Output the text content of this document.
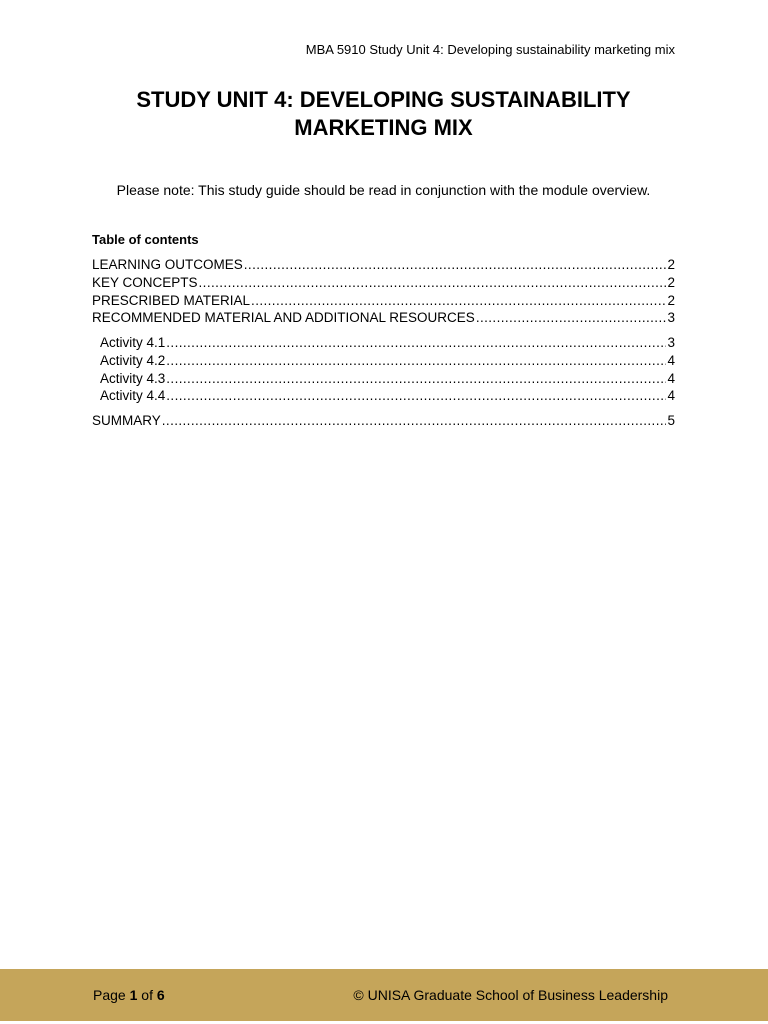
MBA 5910 Study Unit 4: Developing sustainability marketing mix
STUDY UNIT 4: DEVELOPING SUSTAINABILITY MARKETING MIX
Please note: This study guide should be read in conjunction with the module overview.
Table of contents
LEARNING OUTCOMES .....	2
KEY CONCEPTS .....	2
PRESCRIBED MATERIAL .....	2
RECOMMENDED MATERIAL AND ADDITIONAL RESOURCES .....	3
Activity 4.1 .....	3
Activity 4.2 .....	4
Activity 4.3 .....	4
Activity 4.4 .....	4
SUMMARY .....	5
Page 1 of 6	© UNISA Graduate School of Business Leadership
